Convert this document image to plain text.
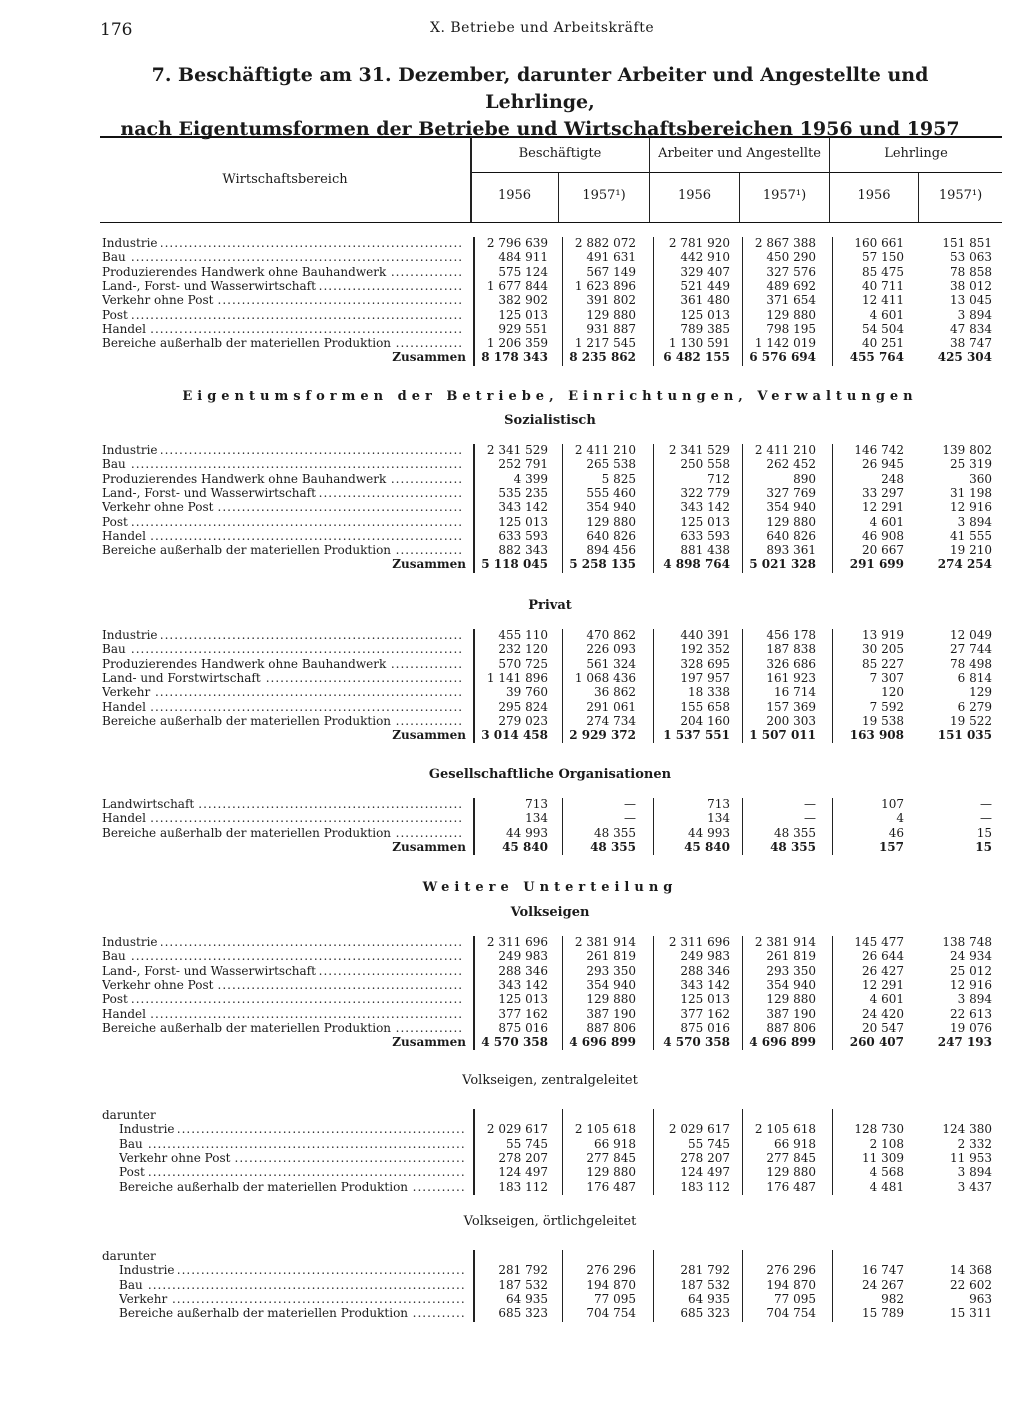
176	X. Betriebe und Arbeitskräfte
7. Beschäftigte am 31. Dezember, darunter Arbeiter und Angestellte und Lehrlinge,
nach Eigentumsformen der Betriebe und Wirtschaftsbereichen 1956 und 1957
Wirtschaftsbereich
Beschäftigte	Arbeiter und Angestellte	Lehrlinge
1956	1957¹)	1956	1957¹)	1956	1957¹)
Eigentumsformen der Betriebe, Einrichtungen, Verwaltungen
Sozialistisch
Privat
Gesellschaftliche Organisationen
Weitere Unterteilung
Volkseigen
Volkseigen, zentralgeleitet
Volkseigen, örtlichgeleitet
.....
Industrie	2 796 639	2 882 072	2 781 920	2 867 388	160 661	151 851
.....
Bau	484 911	491 631	442 910	450 290	57 150	53 063
.....
Produzierendes Handwerk ohne Bauhandwerk	575 124	567 149	329 407	327 576	85 475	78 858
.....
Land-, Forst- und Wasserwirtschaft	1 677 844	1 623 896	521 449	489 692	40 711	38 012
.....
Verkehr ohne Post	382 902	391 802	361 480	371 654	12 411	13 045
.....
Post	125 013	129 880	125 013	129 880	4 601	3 894
.....
Handel	929 551	931 887	789 385	798 195	54 504	47 834
.....
Bereiche außerhalb der materiellen Produktion	1 206 359	1 217 545	1 130 591	1 142 019	40 251	38 747
Zusammen	8 178 343	8 235 862	6 482 155	6 576 694	455 764	425 304
.....
Industrie	2 341 529	2 411 210	2 341 529	2 411 210	146 742	139 802
.....
Bau	252 791	265 538	250 558	262 452	26 945	25 319
.....
Produzierendes Handwerk ohne Bauhandwerk	4 399	5 825	712	890	248	360
.....
Land-, Forst- und Wasserwirtschaft	535 235	555 460	322 779	327 769	33 297	31 198
.....
Verkehr ohne Post	343 142	354 940	343 142	354 940	12 291	12 916
.....
Post	125 013	129 880	125 013	129 880	4 601	3 894
.....
Handel	633 593	640 826	633 593	640 826	46 908	41 555
.....
Bereiche außerhalb der materiellen Produktion	882 343	894 456	881 438	893 361	20 667	19 210
Zusammen	5 118 045	5 258 135	4 898 764	5 021 328	291 699	274 254
.....
Industrie	455 110	470 862	440 391	456 178	13 919	12 049
.....
Bau	232 120	226 093	192 352	187 838	30 205	27 744
.....
Produzierendes Handwerk ohne Bauhandwerk	570 725	561 324	328 695	326 686	85 227	78 498
.....
Land- und Forstwirtschaft	1 141 896	1 068 436	197 957	161 923	7 307	6 814
.....
Verkehr	39 760	36 862	18 338	16 714	120	129
.....
Handel	295 824	291 061	155 658	157 369	7 592	6 279
.....
Bereiche außerhalb der materiellen Produktion	279 023	274 734	204 160	200 303	19 538	19 522
Zusammen	3 014 458	2 929 372	1 537 551	1 507 011	163 908	151 035
.....
Landwirtschaft	713	—	713	—	107	—
.....
Handel	134	—	134	—	4	—
.....
Bereiche außerhalb der materiellen Produktion	44 993	48 355	44 993	48 355	46	15
Zusammen	45 840	48 355	45 840	48 355	157	15
.....
Industrie	2 311 696	2 381 914	2 311 696	2 381 914	145 477	138 748
.....
Bau	249 983	261 819	249 983	261 819	26 644	24 934
.....
Land-, Forst- und Wasserwirtschaft	288 346	293 350	288 346	293 350	26 427	25 012
.....
Verkehr ohne Post	343 142	354 940	343 142	354 940	12 291	12 916
.....
Post	125 013	129 880	125 013	129 880	4 601	3 894
.....
Handel	377 162	387 190	377 162	387 190	24 420	22 613
.....
Bereiche außerhalb der materiellen Produktion	875 016	887 806	875 016	887 806	20 547	19 076
Zusammen	4 570 358	4 696 899	4 570 358	4 696 899	260 407	247 193
darunter
.....
Industrie	2 029 617	2 105 618	2 029 617	2 105 618	128 730	124 380
.....
Bau	55 745	66 918	55 745	66 918	2 108	2 332
.....
Verkehr ohne Post	278 207	277 845	278 207	277 845	11 309	11 953
.....
Post	124 497	129 880	124 497	129 880	4 568	3 894
.....
Bereiche außerhalb der materiellen Produktion	183 112	176 487	183 112	176 487	4 481	3 437
darunter
.....
Industrie	281 792	276 296	281 792	276 296	16 747	14 368
.....
Bau	187 532	194 870	187 532	194 870	24 267	22 602
.....
Verkehr	64 935	77 095	64 935	77 095	982	963
.....
Bereiche außerhalb der materiellen Produktion	685 323	704 754	685 323	704 754	15 789	15 311
